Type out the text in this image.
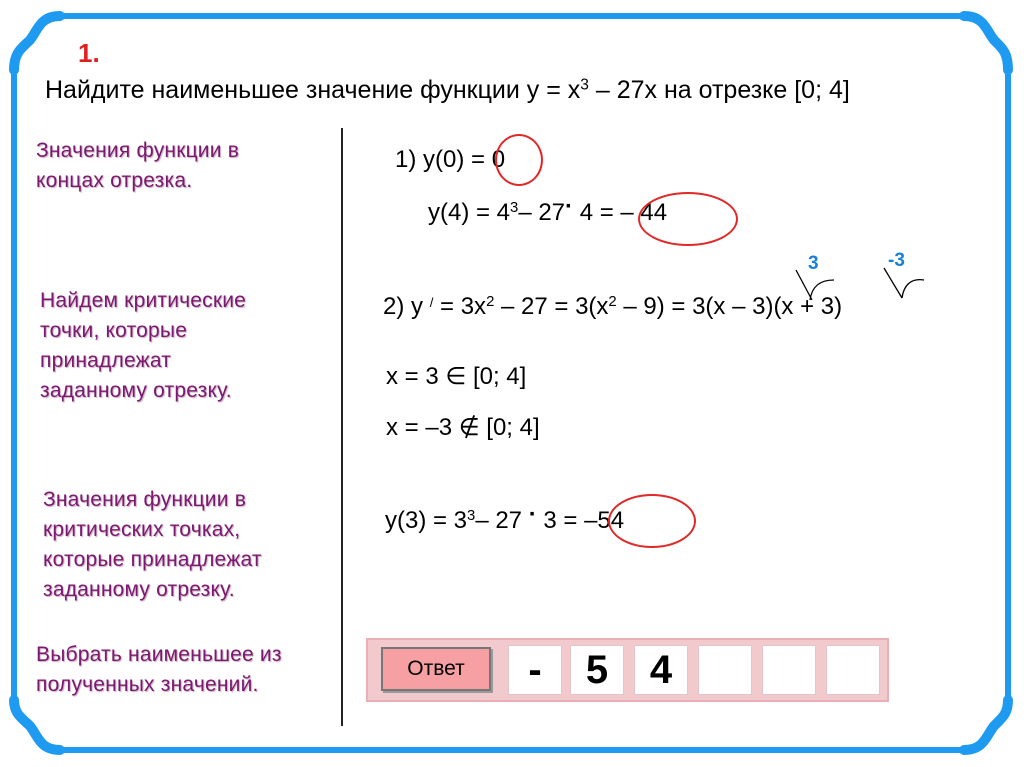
1.
Найдите наименьшее значение функции $y = x^3 - 27x$ на отрезке [0; 4]
Значения функции в
концах отрезка.
Найдем критические
точки, которые
принадлежат
заданному отрезку.
Значения функции в
критических точках,
которые принадлежат
заданному отрезку.
Выбрать наименьшее из
полученных значений.
1) y(0) = 0
$y(4) = 4^3-$ 27· 4 = – 44
3	-3
2) y $^/ = 3x^2 - 27 = 3(x^2 - 9) = 3(x - 3)(x + 3)$
x = 3 ∈ [0; 4]
x = –3 ∉ [0; 4]
$y(3) = 3^3-$ 27 · 3 = –54
Ответ	-	5	4
